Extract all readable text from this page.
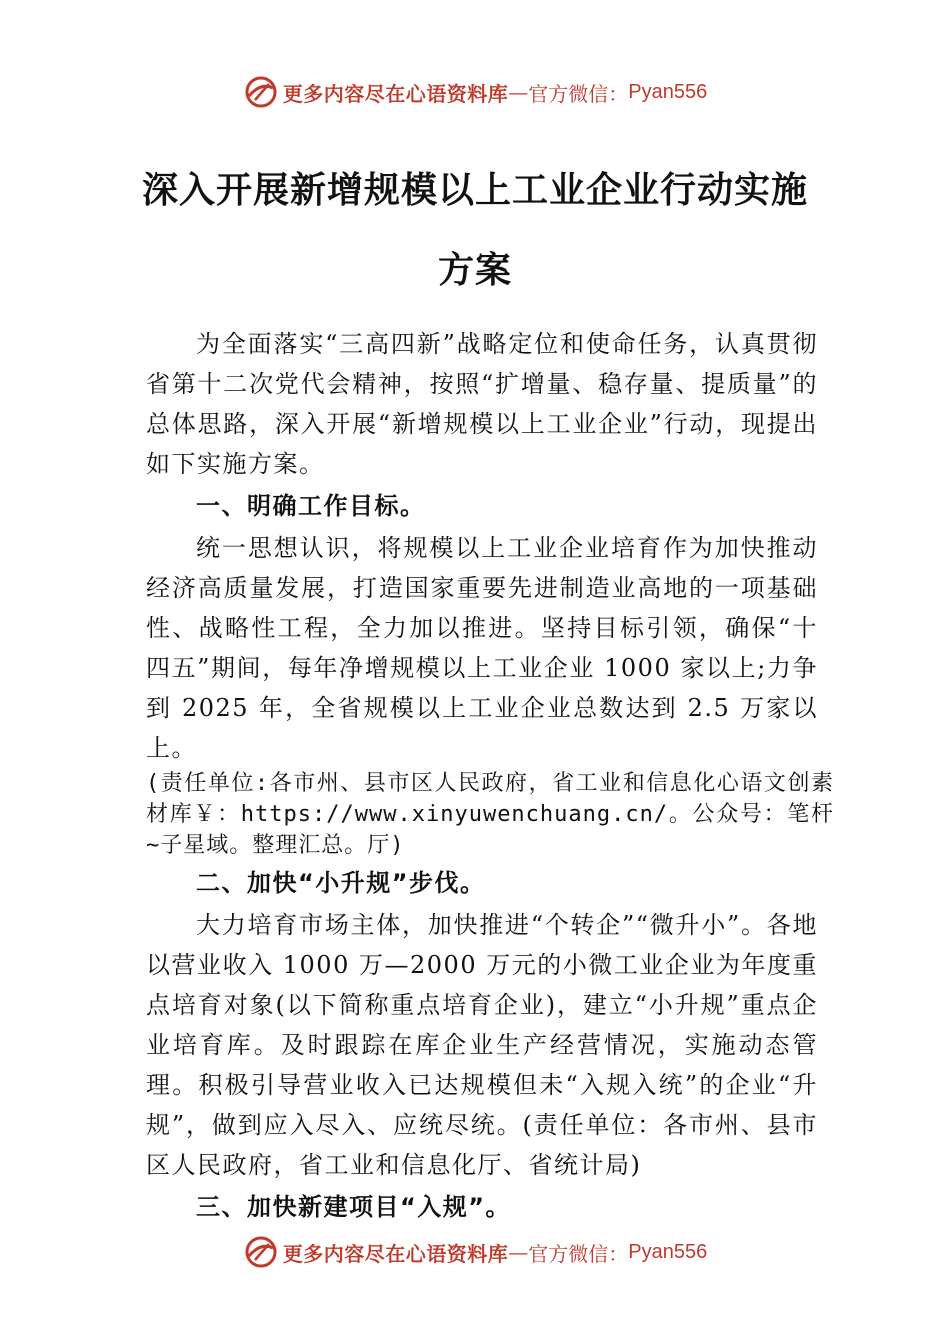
更多内容尽在心语资料库 — 官方微信： Pyan556
深入开展新增规模以上工业企业行动实施
方案

为全面落实“三高四新”战略定位和使命任务，认真贯彻省第十二次党代会精神，按照“扩增量、稳存量、提质量”的总体思路，深入开展“新增规模以上工业企业”行动，现提出如下实施方案。

一、明确工作目标。

统一思想认识，将规模以上工业企业培育作为加快推动经济高质量发展，打造国家重要先进制造业高地的一项基础性、战略性工程，全力加以推进。坚持目标引领，确保“十四五”期间，每年净增规模以上工业企业 1000 家以上;力争到 2025 年，全省规模以上工业企业总数达到 2.5 万家以上。

(责任单位:各市州、县市区人民政府，省工业和信息化心语文创素材库￥：https://www.xinyuwenchuang.cn/。公众号：笔杆~子星域。整理汇总。厅)

二、加快“小升规”步伐。

大力培育市场主体，加快推进“个转企”“微升小”。各地以营业收入 1000 万—2000 万元的小微工业企业为年度重点培育对象(以下简称重点培育企业)，建立“小升规”重点企业培育库。及时跟踪在库企业生产经营情况，实施动态管理。积极引导营业收入已达规模但未“入规入统”的企业“升规”，做到应入尽入、应统尽统。(责任单位：各市州、县市区人民政府，省工业和信息化厅、省统计局)

三、加快新建项目“入规”。

更多内容尽在心语资料库 — 官方微信： Pyan556
